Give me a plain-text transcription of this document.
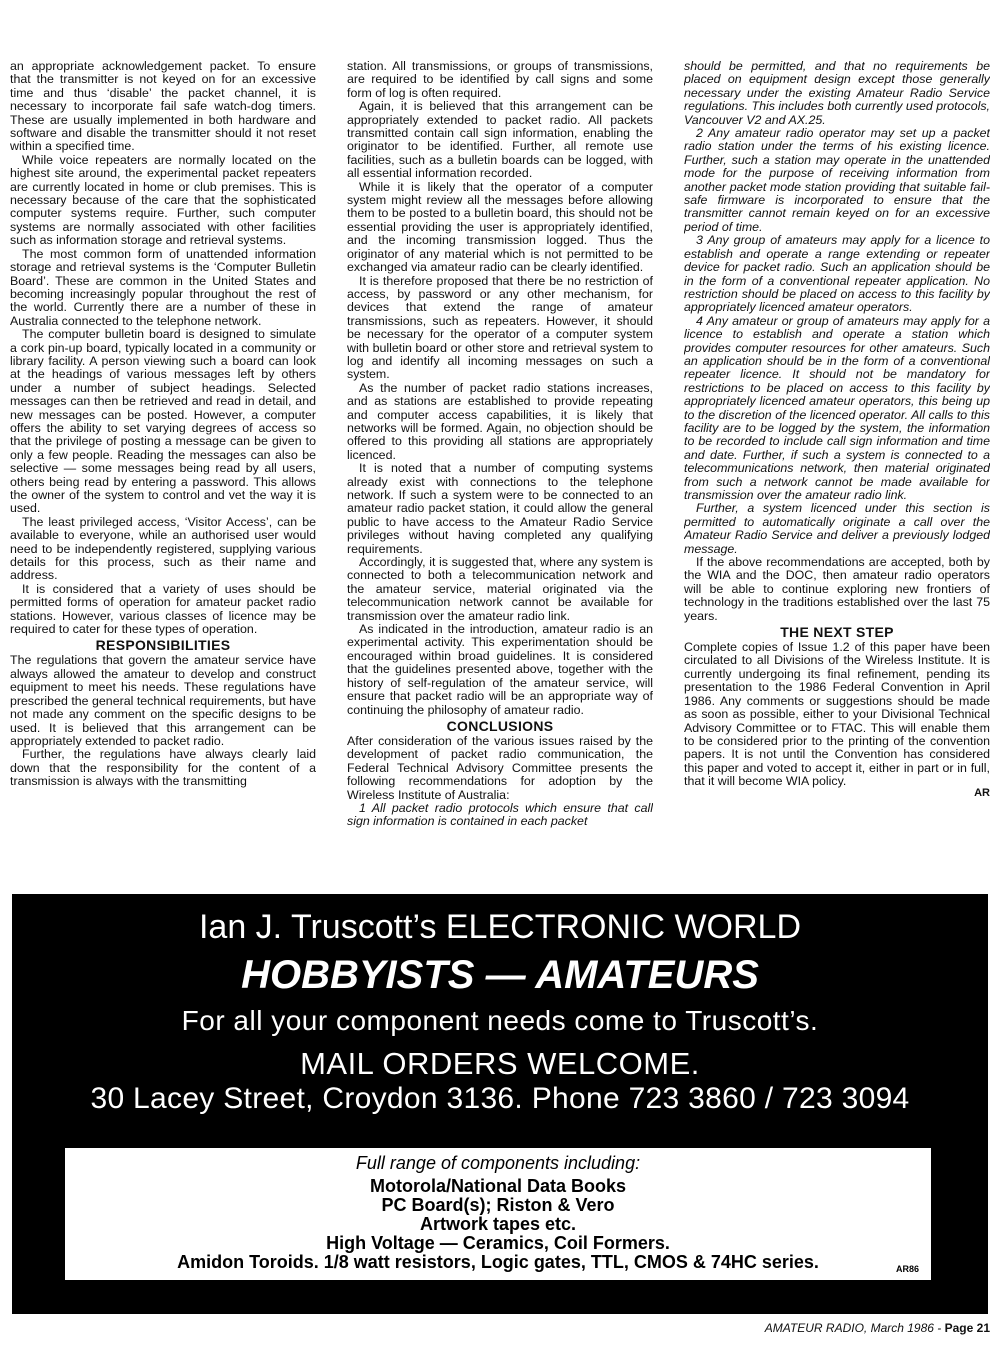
an appropriate acknowledgement packet. To ensure that the transmitter is not keyed on for an excessive time and thus ‘disable’ the packet channel, it is necessary to incorporate fail safe watch-dog timers. These are usually implemented in both hardware and software and disable the transmitter should it not reset within a specified time.

While voice repeaters are normally located on the highest site around, the experimental packet repeaters are currently located in home or club premises. This is necessary because of the care that the sophisticated computer systems require. Further, such computer systems are normally associated with other facilities such as information storage and retrieval systems.

The most common form of unattended information storage and retrieval systems is the ‘Computer Bulletin Board’. These are common in the United States and becoming increasingly popular throughout the rest of the world. Currently there are a number of these in Australia connected to the telephone network.

The computer bulletin board is designed to simulate a cork pin-up board, typically located in a community or library facility. A person viewing such a board can look at the headings of various messages left by others under a number of subject headings. Selected messages can then be retrieved and read in detail, and new messages can be posted. However, a computer offers the ability to set varying degrees of access so that the privilege of posting a message can be given to only a few people. Reading the messages can also be selective — some messages being read by all users, others being read by entering a password. This allows the owner of the system to control and vet the way it is used.

The least privileged access, ‘Visitor Access’, can be available to everyone, while an authorised user would need to be independently registered, supplying various details for this process, such as their name and address.

It is considered that a variety of uses should be permitted forms of operation for amateur packet radio stations. However, various classes of licence may be required to cater for these types of operation.

RESPONSIBILITIES

The regulations that govern the amateur service have always allowed the amateur to develop and construct equipment to meet his needs. These regulations have prescribed the general technical requirements, but have not made any comment on the specific designs to be used. It is believed that this arrangement can be appropriately extended to packet radio.

Further, the regulations have always clearly laid down that the responsibility for the content of a transmission is always with the transmitting

station. All transmissions, or groups of transmissions, are required to be identified by call signs and some form of log is often required.

Again, it is believed that this arrangement can be appropriately extended to packet radio. All packets transmitted contain call sign information, enabling the originator to be identified. Further, all remote use facilities, such as a bulletin boards can be logged, with all essential information recorded.

While it is likely that the operator of a computer system might review all the messages before allowing them to be posted to a bulletin board, this should not be essential providing the user is appropriately identified, and the incoming transmission logged. Thus the originator of any material which is not permitted to be exchanged via amateur radio can be clearly identified.

It is therefore proposed that there be no restriction of access, by password or any other mechanism, for devices that extend the range of amateur transmissions, such as repeaters. However, it should be necessary for the operator of a computer system with bulletin board or other store and retrieval system to log and identify all incoming messages on such a system.

As the number of packet radio stations increases, and as stations are established to provide repeating and computer access capabilities, it is likely that networks will be formed. Again, no objection should be offered to this providing all stations are appropriately licenced.

It is noted that a number of computing systems already exist with connections to the telephone network. If such a system were to be connected to an amateur radio packet station, it could allow the general public to have access to the Amateur Radio Service privileges without having completed any qualifying requirements.

Accordingly, it is suggested that, where any system is connected to both a telecommunication network and the amateur service, material originated via the telecommunication network cannot be available for transmission over the amateur radio link.

As indicated in the introduction, amateur radio is an experimental activity. This experimentation should be encouraged within broad guidelines. It is considered that the guidelines presented above, together with the history of self-regulation of the amateur service, will ensure that packet radio will be an appropriate way of continuing the philosophy of amateur radio.

CONCLUSIONS

After consideration of the various issues raised by the development of packet radio communication, the Federal Technical Advisory Committee presents the following recommendations for adoption by the Wireless Institute of Australia:

1 All packet radio protocols which ensure that call sign information is contained in each packet

should be permitted, and that no requirements be placed on equipment design except those generally necessary under the existing Amateur Radio Service regulations. This includes both currently used protocols, Vancouver V2 and AX.25.

2 Any amateur radio operator may set up a packet radio station under the terms of his existing licence. Further, such a station may operate in the unattended mode for the purpose of receiving information from another packet mode station providing that suitable fail-safe firmware is incorporated to ensure that the transmitter cannot remain keyed on for an excessive period of time.

3 Any group of amateurs may apply for a licence to establish and operate a range extending or repeater device for packet radio. Such an application should be in the form of a conventional repeater application. No restriction should be placed on access to this facility by appropriately licenced amateur operators.

4 Any amateur or group of amateurs may apply for a licence to establish and operate a station which provides computer resources for other amateurs. Such an application should be in the form of a conventional repeater licence. It should not be mandatory for restrictions to be placed on access to this facility by appropriately licenced amateur operators, this being up to the discretion of the licenced operator. All calls to this facility are to be logged by the system, the information to be recorded to include call sign information and time and date. Further, if such a system is connected to a telecommunications network, then material originated from such a network cannot be made available for transmission over the amateur radio link.

Further, a system licenced under this section is permitted to automatically originate a call over the Amateur Radio Service and deliver a previously lodged message.

If the above recommendations are accepted, both by the WIA and the DOC, then amateur radio operators will be able to continue exploring new frontiers of technology in the traditions established over the last 75 years.

THE NEXT STEP

Complete copies of Issue 1.2 of this paper have been circulated to all Divisions of the Wireless Institute. It is currently undergoing its final refinement, pending its presentation to the 1986 Federal Convention in April 1986. Any comments or suggestions should be made as soon as possible, either to your Divisional Technical Advisory Committee or to FTAC. This will enable them to be considered prior to the printing of the convention papers. It is not until the Convention has considered this paper and voted to accept it, either in part or in full, that it will become WIA policy.

AR
Ian J. Truscott’s ELECTRONIC WORLD
HOBBYISTS — AMATEURS
For all your component needs come to Truscott’s.
MAIL ORDERS WELCOME.
30 Lacey Street, Croydon 3136. Phone 723 3860 / 723 3094
Full range of components including:
Motorola/National Data Books
PC Board(s); Riston & Vero
Artwork tapes etc.
High Voltage — Ceramics, Coil Formers.
Amidon Toroids. 1/8 watt resistors, Logic gates, TTL, CMOS & 74HC series.	AR86
AMATEUR RADIO, March 1986 - Page 21
